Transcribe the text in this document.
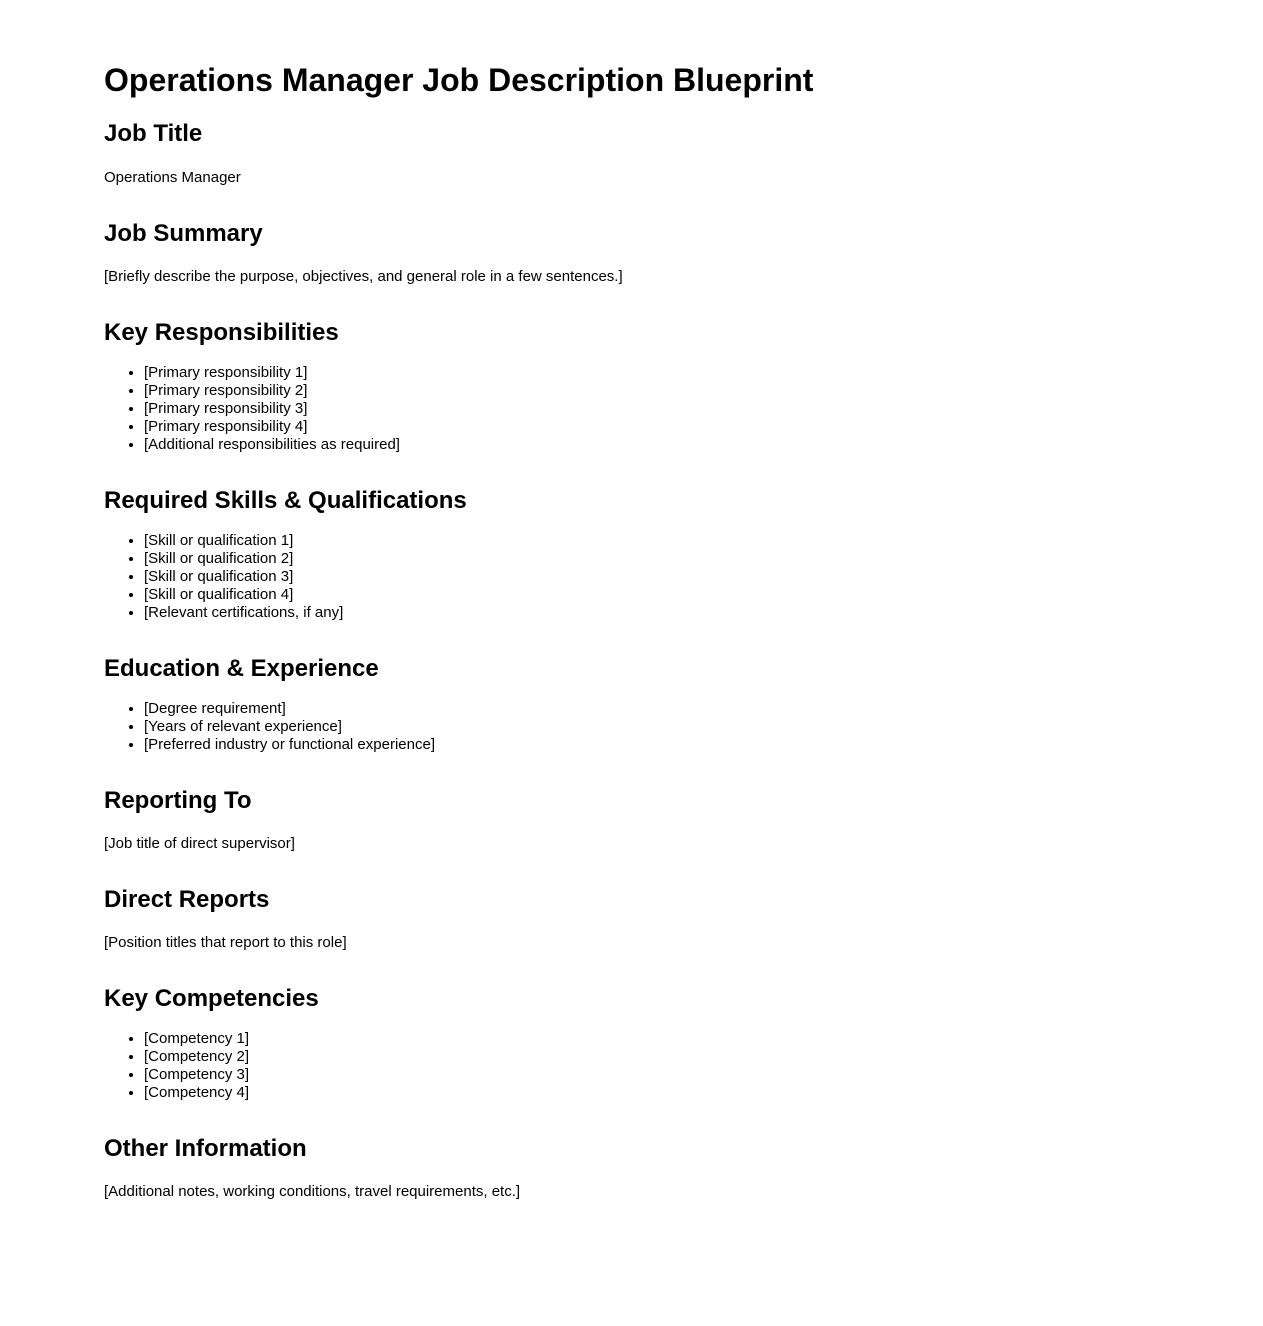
Operations Manager Job Description Blueprint
Job Title

Operations Manager

Job Summary

[Briefly describe the purpose, objectives, and general role in a few sentences.]

Key Responsibilities
• [Primary responsibility 1]
• [Primary responsibility 2]
• [Primary responsibility 3]
• [Primary responsibility 4]
• [Additional responsibilities as required]
Required Skills & Qualifications
• [Skill or qualification 1]
• [Skill or qualification 2]
• [Skill or qualification 3]
• [Skill or qualification 4]
• [Relevant certifications, if any]
Education & Experience
• [Degree requirement]
• [Years of relevant experience]
• [Preferred industry or functional experience]
Reporting To

[Job title of direct supervisor]

Direct Reports

[Position titles that report to this role]

Key Competencies
• [Competency 1]
• [Competency 2]
• [Competency 3]
• [Competency 4]
Other Information

[Additional notes, working conditions, travel requirements, etc.]
